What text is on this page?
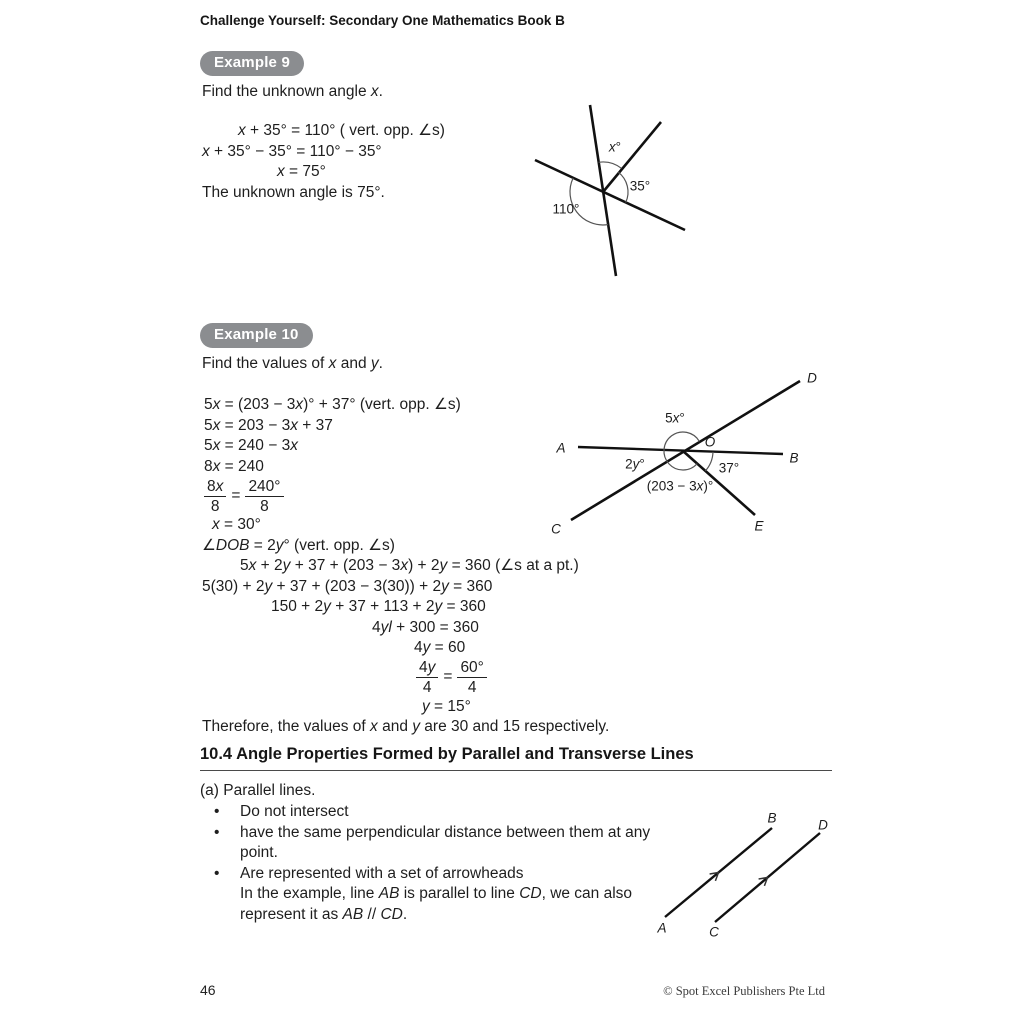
Challenge Yourself: Secondary One Mathematics Book B
Example 9
Find the unknown angle x.
x + 35° = 110° ( vert. opp. ∠s)
x + 35° − 35° = 110° − 35°
x = 75°
The unknown angle is 75°.
x°
35°
110°
Example 10
Find the values of x and y.
5x = (203 − 3x)° + 37° (vert. opp. ∠s)
5x = 203 − 3x + 37
5x = 240 − 3x
8x = 240
$\frac{8x}{8} = \frac{240^\circ}{8}$
x = 30°
∠DOB = 2y° (vert. opp. ∠s)
5x + 2y + 37 + (203 − 3x) + 2y = 360 (∠s at a pt.)
5(30) + 2y + 37 + (203 − 3(30)) + 2y = 360
150 + 2y + 37 + 113 + 2y = 360
4yl + 300 = 360
4y = 60
$\frac{4y}{4} = \frac{60^\circ}{4}$
y = 15°
Therefore, the values of x and y are 30 and 15 respectively.
A
B
C
D
E
O
5x°
2y°	37°
(203 − 3x)°
10.4 Angle Properties Formed by Parallel and Transverse Lines
(a) Parallel lines.
•	Do not intersect
•	have the same perpendicular distance between them at any point.
•	Are represented with a set of arrowheads
In the example, line AB is parallel to line CD, we can also represent it as AB // CD.
A
B
C
D
46	© Spot Excel Publishers Pte Ltd
